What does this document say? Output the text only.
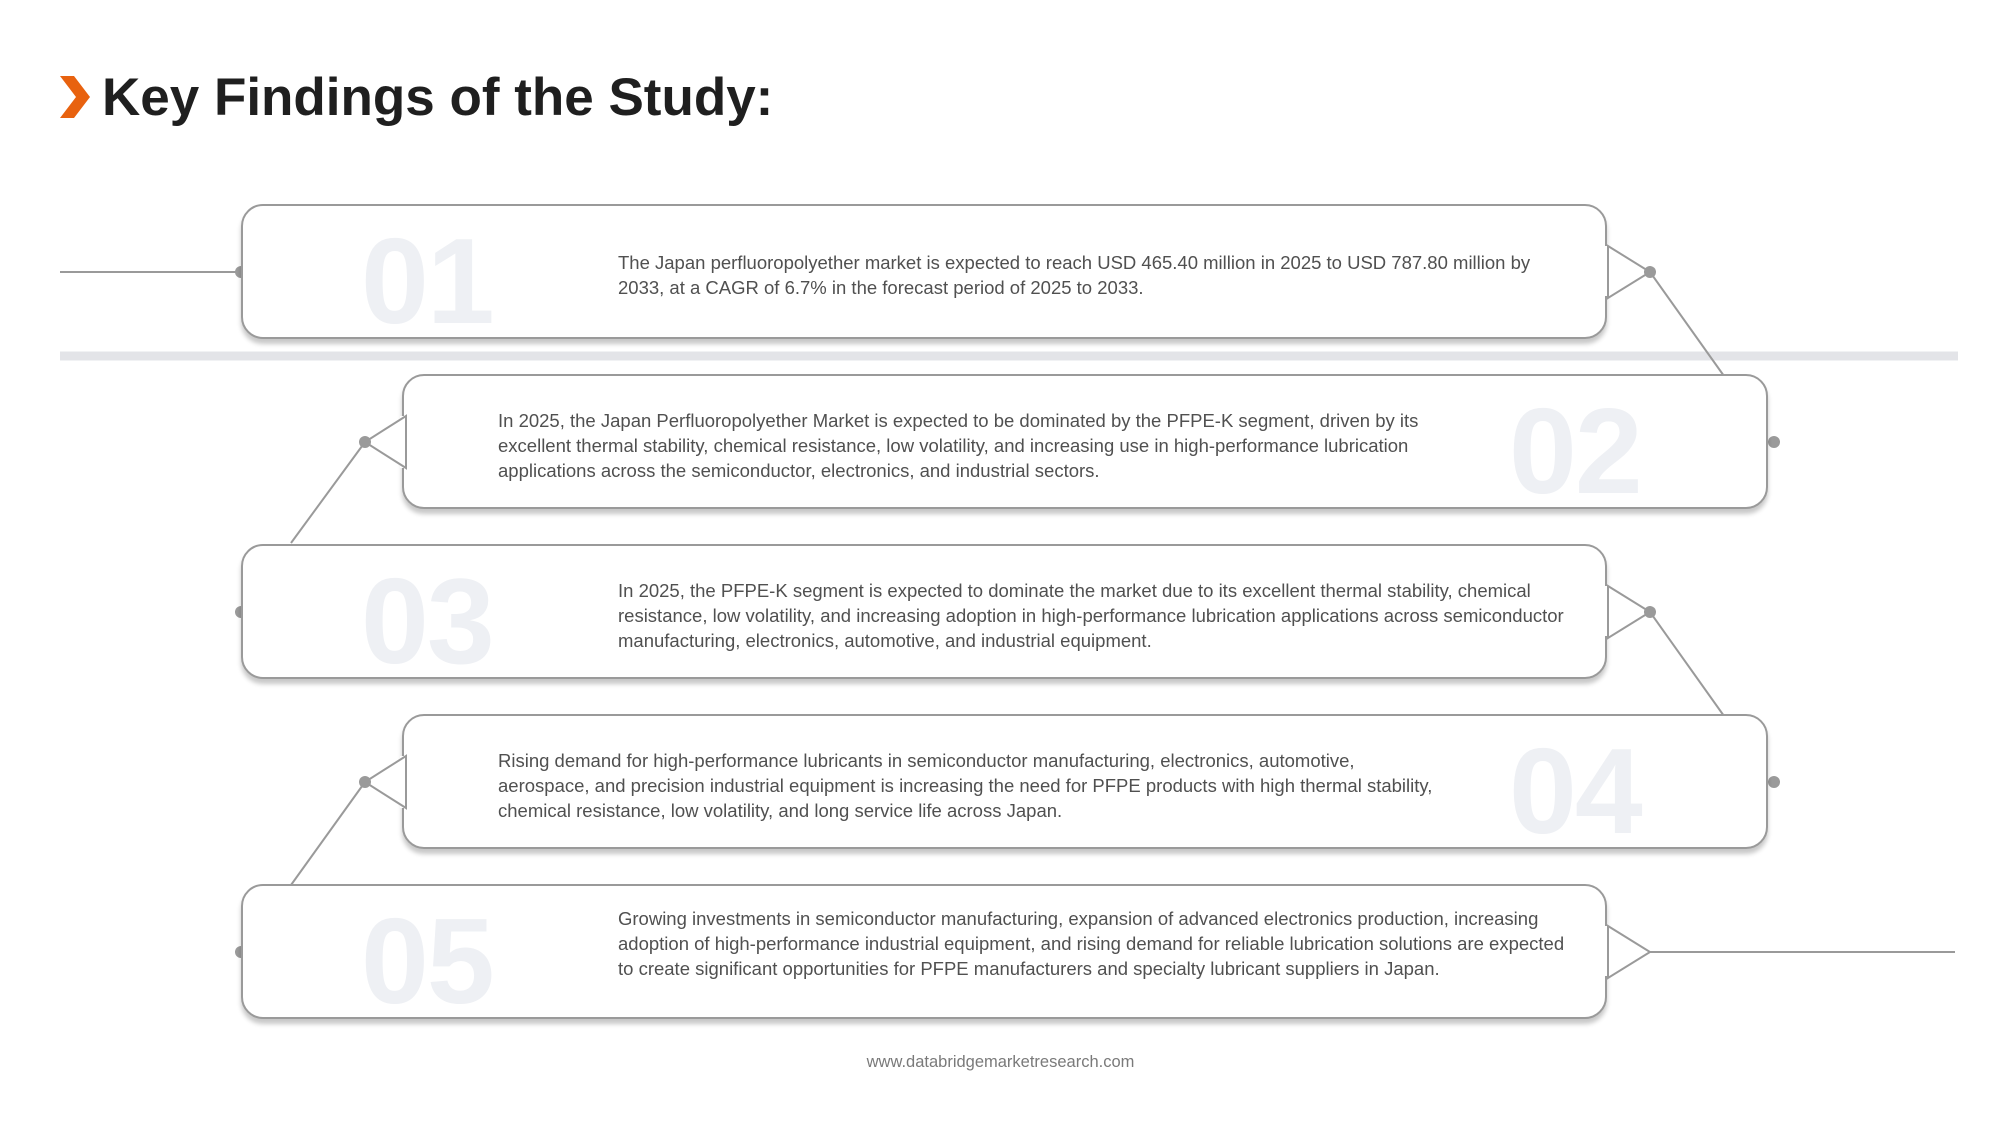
Key Findings of the Study:
01	The Japan perfluoropolyether market is expected to reach USD 465.40 million in 2025 to USD 787.80 million by 2033, at a CAGR of 6.7% in the forecast period of 2025 to 2033.
02
In 2025, the Japan Perfluoropolyether Market is expected to be dominated by the PFPE-K segment, driven by its excellent thermal stability, chemical resistance, low volatility, and increasing use in high-performance lubrication applications across the semiconductor, electronics, and industrial sectors.
03	In 2025, the PFPE-K segment is expected to dominate the market due to its excellent thermal stability, chemical resistance, low volatility, and increasing adoption in high-performance lubrication applications across semiconductor manufacturing, electronics, automotive, and industrial equipment.
04
Rising demand for high-performance lubricants in semiconductor manufacturing, electronics, automotive, aerospace, and precision industrial equipment is increasing the need for PFPE products with high thermal stability, chemical resistance, low volatility, and long service life across Japan.
05	Growing investments in semiconductor manufacturing, expansion of advanced electronics production, increasing adoption of high-performance industrial equipment, and rising demand for reliable lubrication solutions are expected to create significant opportunities for PFPE manufacturers and specialty lubricant suppliers in Japan.
www.databridgemarketresearch.com
